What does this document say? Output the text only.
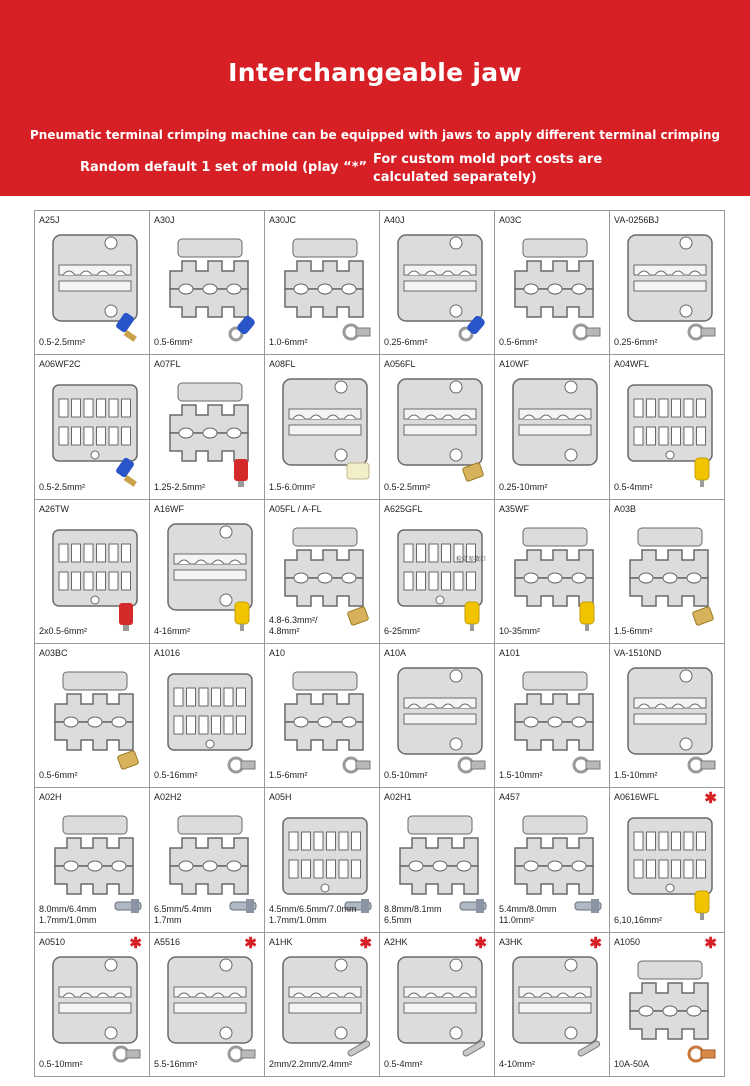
Interchangeable jaw
Pneumatic terminal crimping machine can be equipped with jaws to apply different terminal crimping
Random default 1 set of mold (play “*”
For custom mold port costs are calculated separately)
A25J
0.5-2.5mm²
A30J
0.5-6mm²
A30JC
1.0-6mm²
A40J
0.25-6mm²
A03C
0.5-6mm²
VA-0256BJ
0.25-6mm²
A06WF2C
0.5-2.5mm²
A07FL
1.25-2.5mm²
A08FL
1.5-6.0mm²
A056FL
0.5-2.5mm²
A10WF
0.25-10mm²
A04WFL
0.5-4mm²
A26TW
2x0.5-6mm²
A16WF
4-16mm²
A05FL / A-FL
4.8-6.3mm²/
4.8mm²
A625GFL
检定参数口
6-25mm²
A35WF
10-35mm²
A03B
1.5-6mm²
A03BC
0.5-6mm²
A1016
0.5-16mm²
A10
1.5-6mm²
A10A
0.5-10mm²
A101
1.5-10mm²
VA-1510ND
1.5-10mm²
A02H
8.0mm/6.4mm
1.7mm/1.0mm
A02H2
6.5mm/5.4mm
1.7mm
A05H
4.5mm/6.5mm/7.0mm
1.7mm/1.0mm
A02H1
8.8mm/8.1mm
6.5mm
A457
5.4mm/8.0mm
11.0mm²
A0616WFL	✱
6,10,16mm²
A0510	✱
0.5-10mm²
A5516	✱
5.5-16mm²
A1HK	✱
2mm/2.2mm/2.4mm²
A2HK	✱
0.5-4mm²
A3HK	✱
4-10mm²
A1050	✱
10A-50A
